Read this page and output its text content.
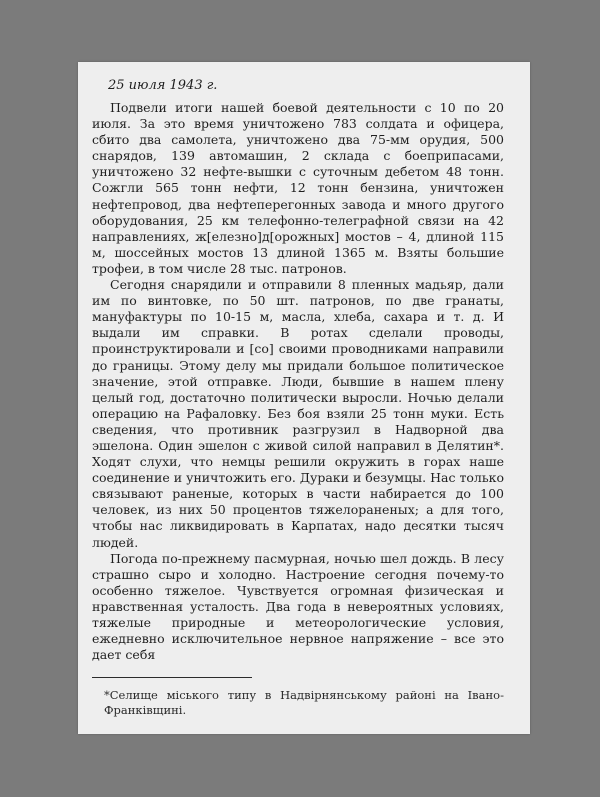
25 июля 1943 г.

Подвели итоги нашей боевой деятельности с 10 по 20 июля. За это время уничтожено 783 солдата и офицера, сбито два самолета, уничтожено два 75-мм орудия, 500 снарядов, 139 автомашин, 2 склада с боеприпасами, уничтожено 32 нефте-вышки с суточным дебетом 48 тонн. Сожгли 565 тонн нефти, 12 тонн бензина, уничтожен нефтепровод, два нефтеперегонных завода и много другого оборудования, 25 км телефонно-телеграфной связи на 42 направлениях, ж[елезно]д[орожных] мостов – 4, длиной 115 м, шоссейных мостов 13 длиной 1365 м. Взяты большие трофеи, в том числе 28 тыс. патронов.

Сегодня снарядили и отправили 8 пленных мадьяр, дали им по винтовке, по 50 шт. патронов, по две гранаты, мануфактуры по 10-15 м, масла, хлеба, сахара и т. д. И выдали им справки. В ротах сделали проводы, проинструктировали и [со] своими проводниками направили до границы. Этому делу мы придали большое политическое значение, этой отправке. Люди, бывшие в нашем плену целый год, достаточно политически выросли. Ночью делали операцию на Рафаловку. Без боя взяли 25 тонн муки. Есть сведения, что противник разгрузил в Надворной два эшелона. Один эшелон с живой силой направил в Делятин*. Ходят слухи, что немцы решили окружить в горах наше соединение и уничтожить его. Дураки и безумцы. Нас только связывают раненые, которых в части набирается до 100 человек, из них 50 процентов тяжелораненых; а для того, чтобы нас ликвидировать в Карпатах, надо десятки тысяч людей.

Погода по-прежнему пасмурная, ночью шел дождь. В лесу страшно сыро и холодно. Настроение сегодня почему-то особенно тяжелое. Чувствуется огромная физическая и нравственная усталость. Два года в невероятных условиях, тяжелые природные и метеорологические условия, ежедневно исключительное нервное напряжение – все это дает себя

*Селище міського типу в Надвірнянському районі на Івано-Франківщині.
